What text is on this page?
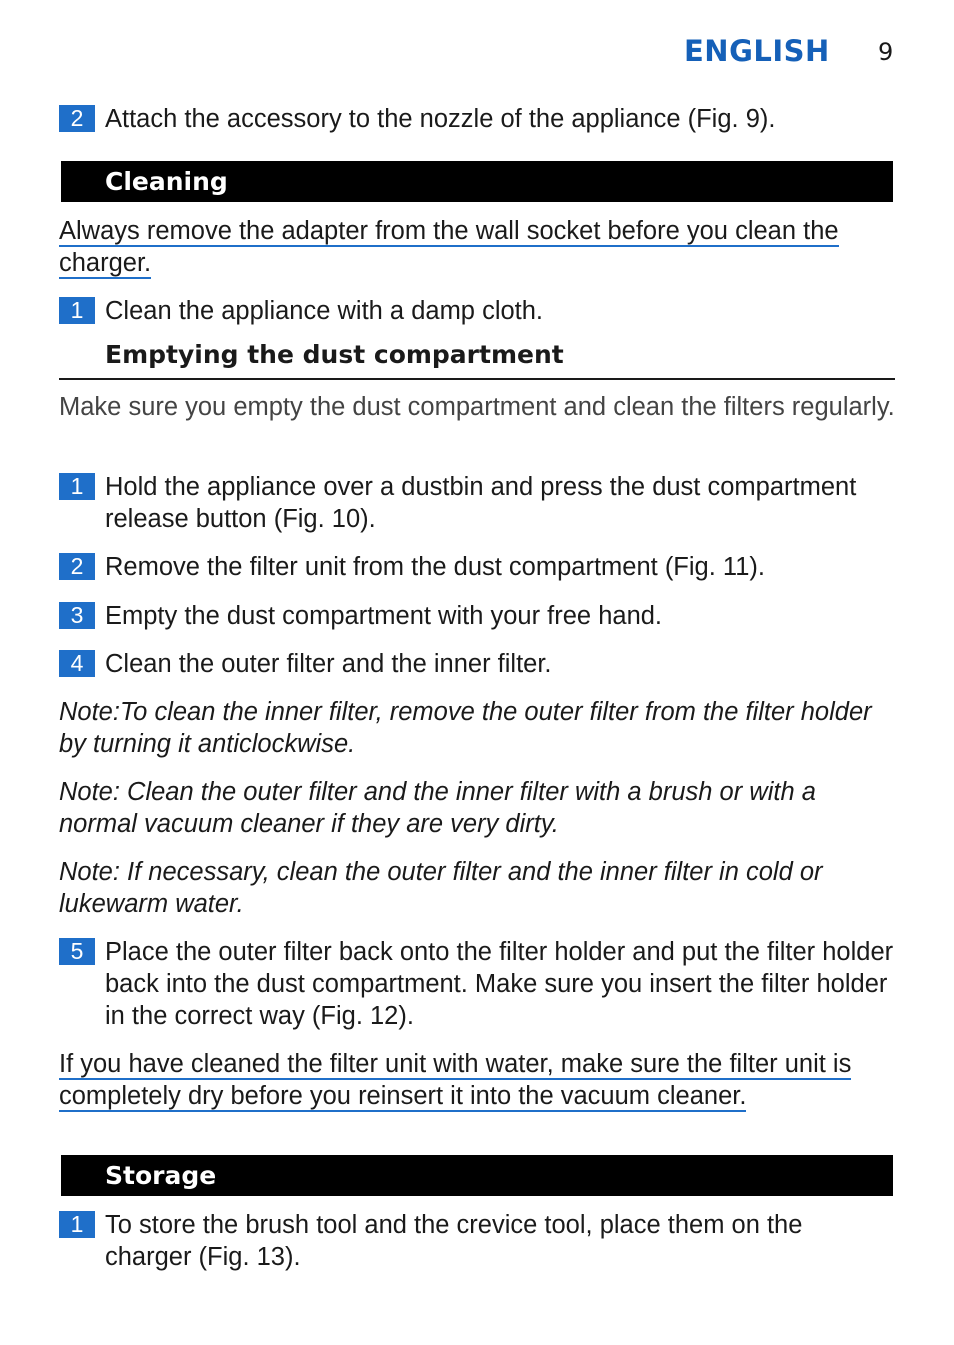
ENGLISH 9
2 Attach the accessory to the nozzle of the appliance (Fig. 9).
Cleaning
Always remove the adapter from the wall socket before you clean the
charger.
1 Clean the appliance with a damp cloth.
Emptying the dust compartment
Make sure you empty the dust compartment and clean the filters regularly.
1 Hold the appliance over a dustbin and press the dust compartment release button (Fig. 10).
2 Remove the filter unit from the dust compartment (Fig. 11).
3 Empty the dust compartment with your free hand.
4 Clean the outer filter and the inner filter.
Note:To clean the inner filter, remove the outer filter from the filter holder by turning it anticlockwise.
Note: Clean the outer filter and the inner filter with a brush or with a normal vacuum cleaner if they are very dirty.
Note: If necessary, clean the outer filter and the inner filter in cold or lukewarm water.
5 Place the outer filter back onto the filter holder and put the filter holder back into the dust compartment. Make sure you insert the filter holder in the correct way (Fig. 12).
If you have cleaned the filter unit with water, make sure the filter unit is
completely dry before you reinsert it into the vacuum cleaner.
Storage
1 To store the brush tool and the crevice tool, place them on the charger (Fig. 13).
